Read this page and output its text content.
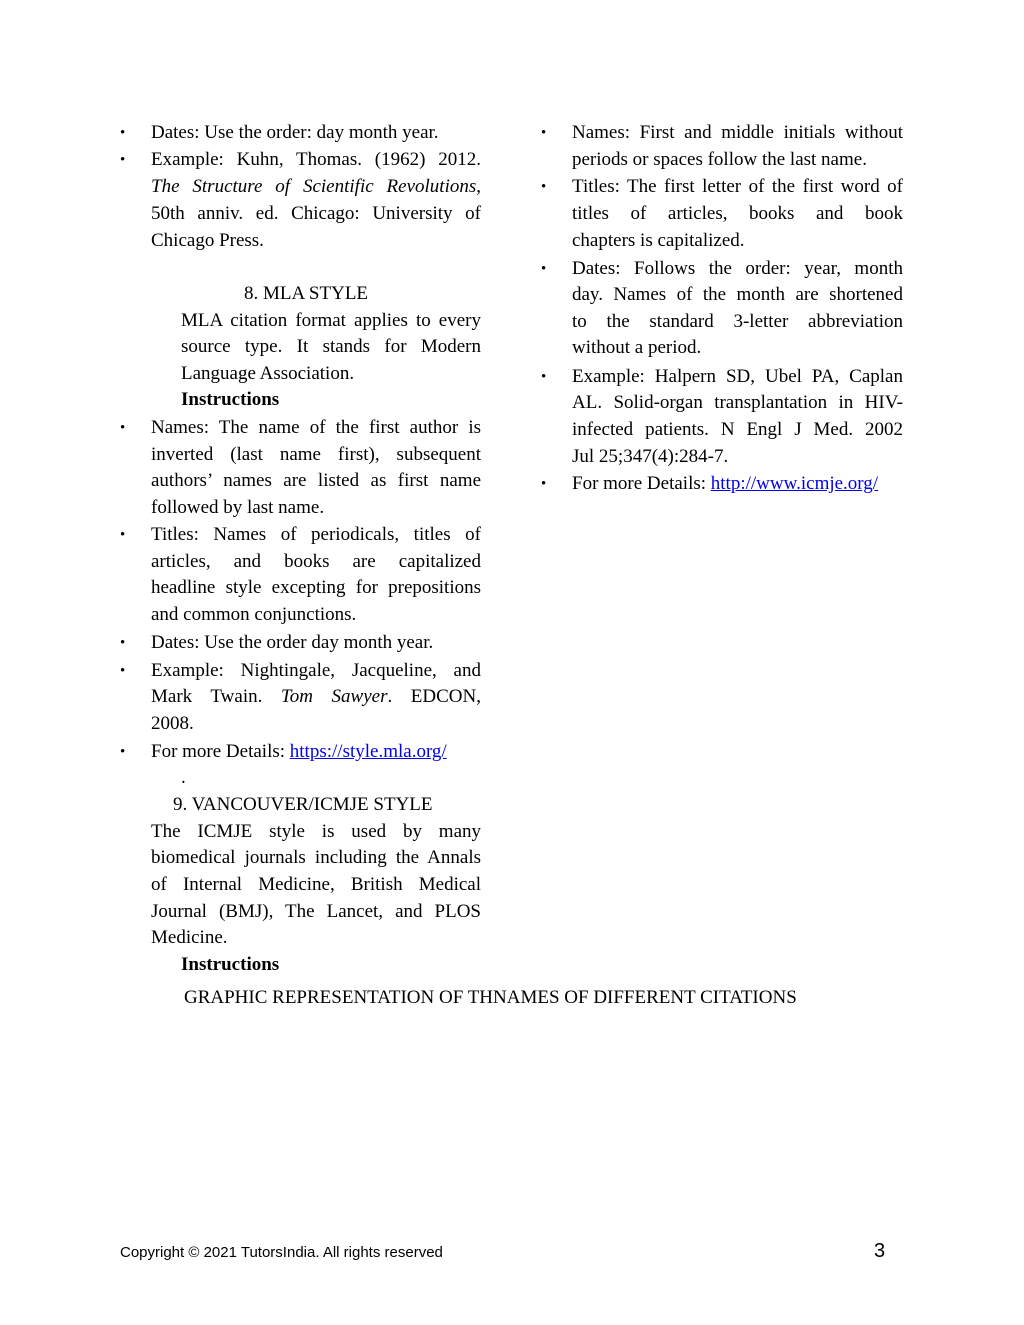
• Dates: Use the order: day month year.

• Example: Kuhn, Thomas. (1962) 2012.

The Structure of Scientific Revolutions,

50th anniv. ed. Chicago: University of

Chicago Press.

8. MLA STYLE

MLA citation format applies to every

source type. It stands for Modern

Language Association.

Instructions

• Names: The name of the first author is

inverted (last name first), subsequent

authors’ names are listed as first name

followed by last name.

• Titles: Names of periodicals, titles of

articles, and books are capitalized

headline style excepting for prepositions

and common conjunctions.

• Dates: Use the order day month year.

• Example: Nightingale, Jacqueline, and

Mark Twain. Tom Sawyer. EDCON,

2008.

• For more Details: https://style.mla.org/

.

9. VANCOUVER/ICMJE STYLE

The ICMJE style is used by many

biomedical journals including the Annals

of Internal Medicine, British Medical

Journal (BMJ), The Lancet, and PLOS

Medicine.

Instructions

• Names: First and middle initials without

periods or spaces follow the last name.

• Titles: The first letter of the first word of

titles of articles, books and book

chapters is capitalized.

• Dates: Follows the order: year, month

day. Names of the month are shortened

to the standard 3-letter abbreviation

without a period.

• Example: Halpern SD, Ubel PA, Caplan

AL. Solid-organ transplantation in HIV-

infected patients. N Engl J Med. 2002

Jul 25;347(4):284-7.

• For more Details: http://www.icmje.org/

GRAPHIC REPRESENTATION OF THNAMES OF DIFFERENT CITATIONS

Copyright © 2021 TutorsIndia. All rights reserved	3
